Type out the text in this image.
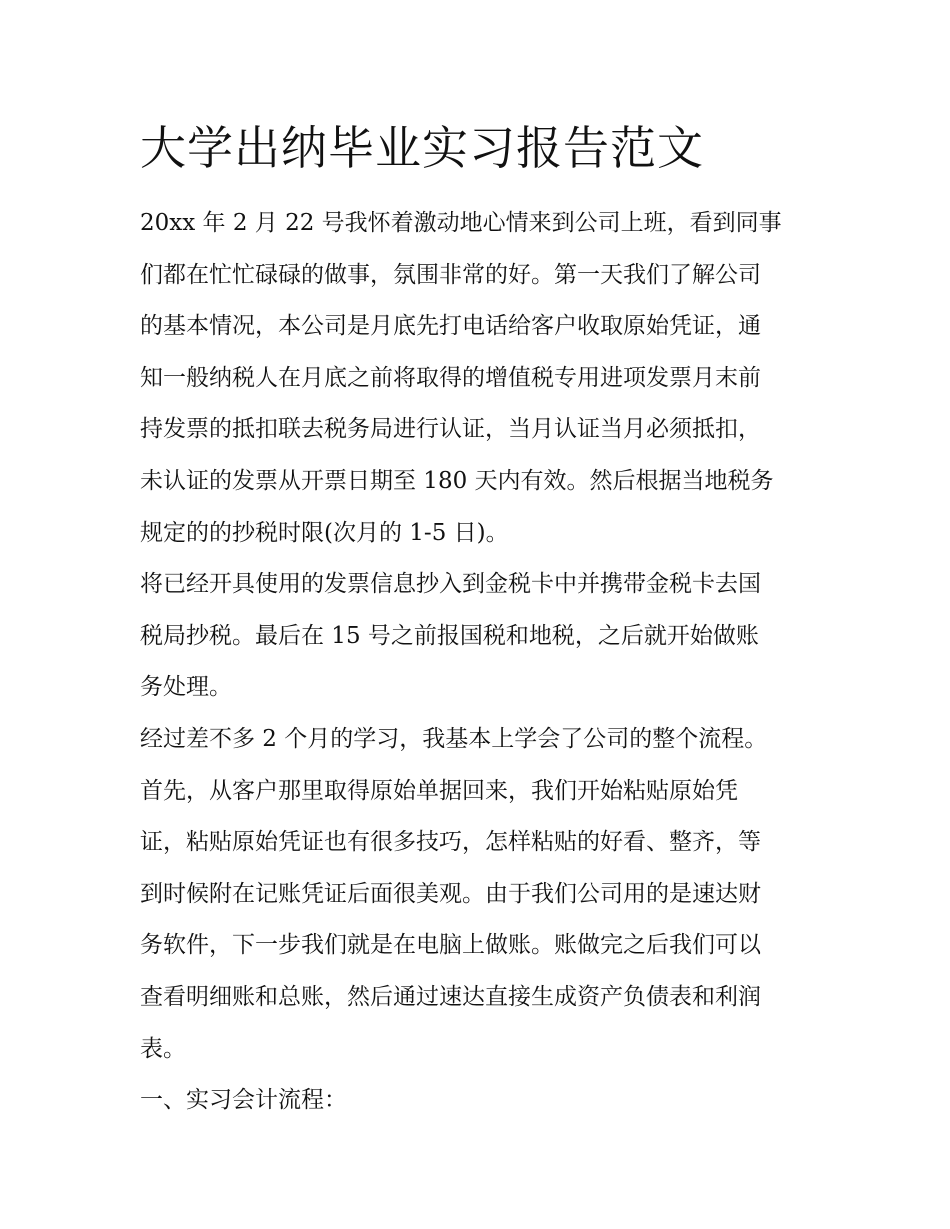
大学出纳毕业实习报告范文
20xx 年 2 月 22 号我怀着激动地心情来到公司上班，看到同事
们都在忙忙碌碌的做事，氛围非常的好。第一天我们了解公司
的基本情况，本公司是月底先打电话给客户收取原始凭证，通
知一般纳税人在月底之前将取得的增值税专用进项发票月末前
持发票的抵扣联去税务局进行认证，当月认证当月必须抵扣，
未认证的发票从开票日期至 180 天内有效。然后根据当地税务
规定的的抄税时限(次月的 1-5 日)。
将已经开具使用的发票信息抄入到金税卡中并携带金税卡去国
税局抄税。最后在 15 号之前报国税和地税，之后就开始做账
务处理。
经过差不多 2 个月的学习，我基本上学会了公司的整个流程。
首先，从客户那里取得原始单据回来，我们开始粘贴原始凭
证，粘贴原始凭证也有很多技巧，怎样粘贴的好看、整齐，等
到时候附在记账凭证后面很美观。由于我们公司用的是速达财
务软件，下一步我们就是在电脑上做账。账做完之后我们可以
查看明细账和总账，然后通过速达直接生成资产负债表和利润
表。
一、实习会计流程：
